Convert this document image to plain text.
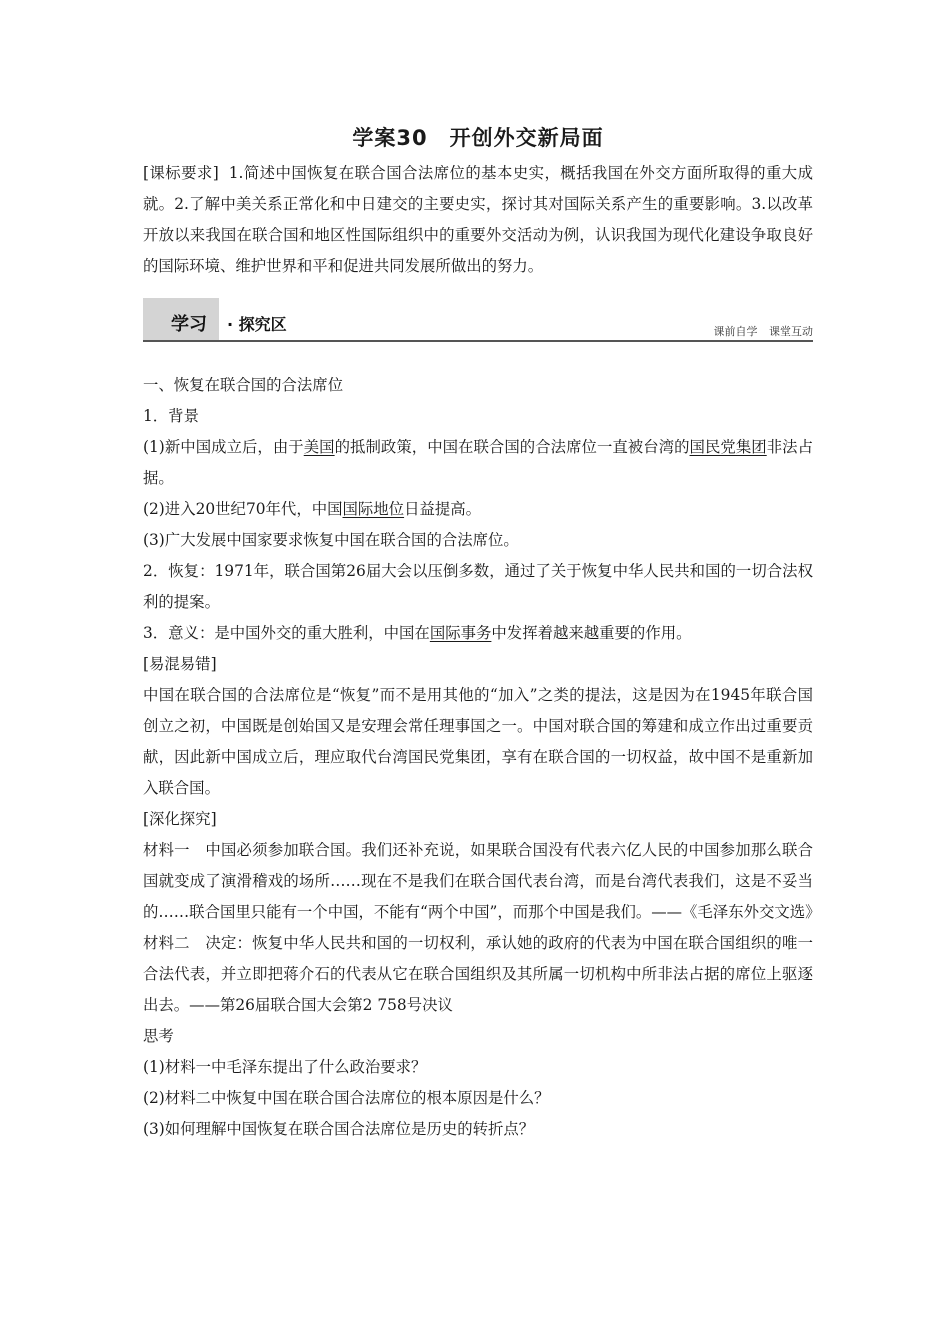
学案30 开创外交新局面
[课标要求] 1.简述中国恢复在联合国合法席位的基本史实，概括我国在外交方面所取得的重大成就。2.了解中美关系正常化和中日建交的主要史实，探讨其对国际关系产生的重要影响。3.以改革开放以来我国在联合国和地区性国际组织中的重要外交活动为例，认识我国为现代化建设争取良好的国际环境、维护世界和平和促进共同发展所做出的努力。
学习 · 探究区	课前自学 课堂互动

一、恢复在联合国的合法席位

1．背景

(1)新中国成立后，由于美国的抵制政策，中国在联合国的合法席位一直被台湾的国民党集团非法占据。

(2)进入20世纪70年代，中国国际地位日益提高。

(3)广大发展中国家要求恢复中国在联合国的合法席位。

2．恢复：1971年，联合国第26届大会以压倒多数，通过了关于恢复中华人民共和国的一切合法权利的提案。

3．意义：是中国外交的重大胜利，中国在国际事务中发挥着越来越重要的作用。

[易混易错]

中国在联合国的合法席位是“恢复”而不是用其他的“加入”之类的提法，这是因为在1945年联合国创立之初，中国既是创始国又是安理会常任理事国之一。中国对联合国的筹建和成立作出过重要贡献，因此新中国成立后，理应取代台湾国民党集团，享有在联合国的一切权益，故中国不是重新加入联合国。

[深化探究]

材料一　 中国必须参加联合国。我们还补充说，如果联合国没有代表六亿人民的中国参加那么联合国就变成了演滑稽戏的场所……现在不是我们在联合国代表台湾，而是台湾代表我们，这是不妥当的……联合国里只能有一个中国，不能有“两个中国”，而那个中国是我们。——《毛泽东外交文选》

材料二　 决定：恢复中华人民共和国的一切权利，承认她的政府的代表为中国在联合国组织的唯一合法代表，并立即把蒋介石的代表从它在联合国组织及其所属一切机构中所非法占据的席位上驱逐出去。——第26届联合国大会第2 758号决议

思考

(1)材料一中毛泽东提出了什么政治要求？

(2)材料二中恢复中国在联合国合法席位的根本原因是什么？

(3)如何理解中国恢复在联合国合法席位是历史的转折点？
